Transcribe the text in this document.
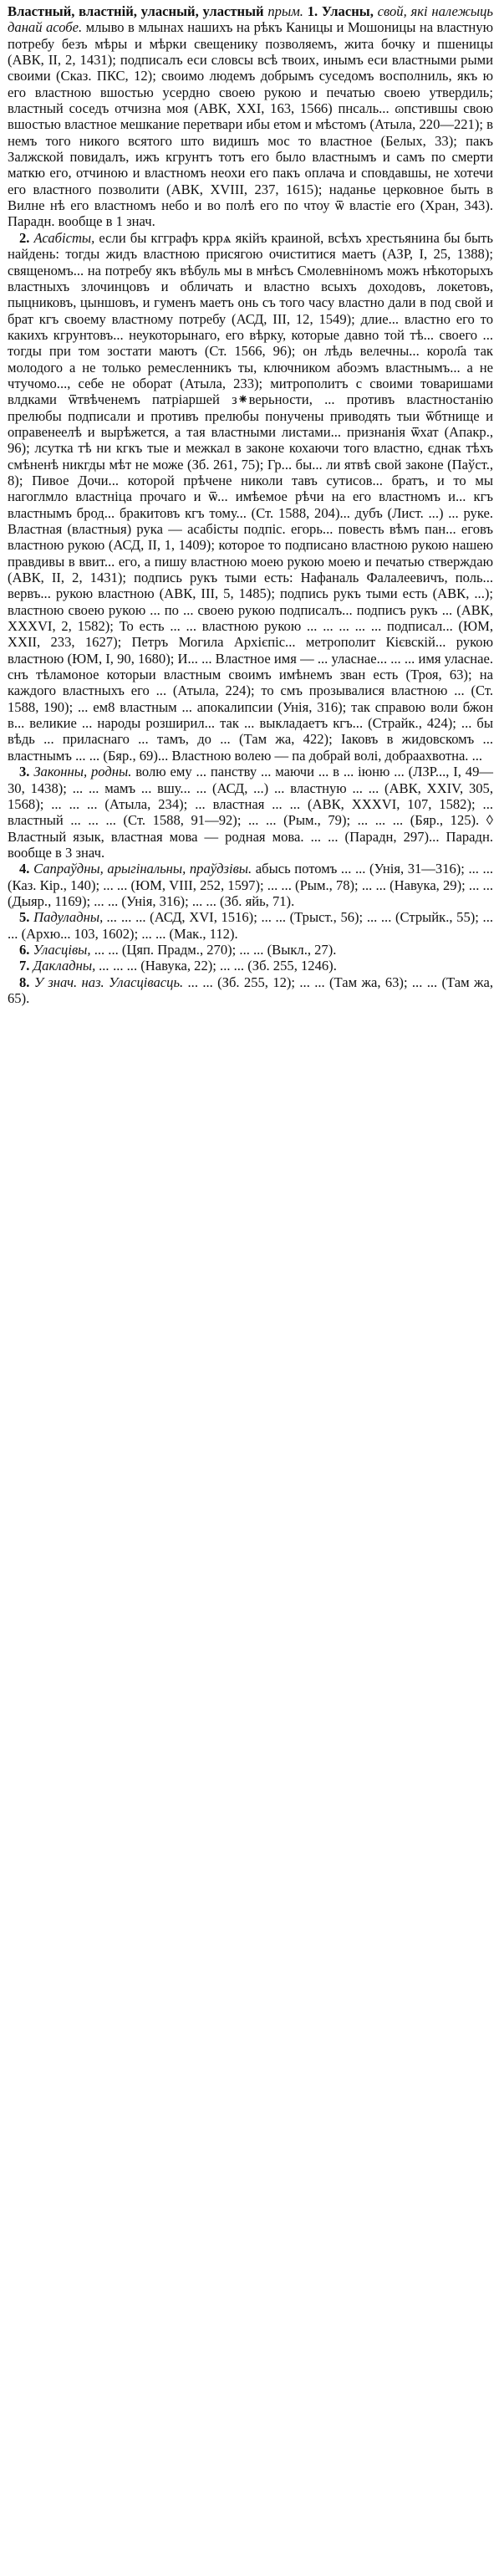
Властный, властній, уласный, уластный прым. 1. Уласны, свой, які належыць данай асобе. млыво в млынах нашихъ на рѣкъ Каницы и Мошоницы на властную потребу безъ мѣры и мѣрки свещенику позволяемъ, жита бочку и пшеницы (АВК, II, 2, 1431); подписалъ еси словсы всѣ твоих, инымъ еси властными рыми своими (Сказ. ПКС, 12); своимо людемъ добрымъ суседомъ восполниль, якъ ю его властною вшостью усердно своею рукою и печатью своею утвердиль; властный соседъ отчизна моя (АВК, XXI, 163, 1566) пнсаль... ɷпстившы свою вшостью властное мешкание перетвари ибы етом и мѣстомъ (Атыла, 220—221); в немъ того никого всятого што видишъ мос то властное (Белых, 33); пакъ Залжской повидалъ, ижъ кгрунтъ тотъ его было властнымъ и самъ по смерти маткю его, отчиною и властномъ неохи его пакъ оплача и сповдавшы, не хотечи его властного позволити (АВК, XVIII, 237, 1615); наданье церковное быть в Вилне нѣ его властномъ небо и во полѣ его по чтоу ѿ властіе его (Хран, 343). Парадн. вообще в 1 знач.

2. Асабісты, если бы кгграфъ кррѧ якійъ краиной, всѣхъ хрестьянина бы быть найдень: тогды жидъ властною присягою очиститися маетъ (АЗР, I, 25, 1388); священомъ... на потребу якъ вѣбуль мы в мнѣсъ Смолевніномъ можъ нѣкоторыхъ властныхъ злочинцовъ и обличать и властно всыхъ доходовъ, локетовъ, пыцниковъ, цыншовъ, и гуменъ маетъ онь съ того часу властно дали в под свой и брат кгъ своему властному потребу (АСД, III, 12, 1549); длие... властно его то какихъ кгрунтовъ... неукоторынаго, его вѣрку, которые давно той тѣ... своего ... тогды при том зостати маютъ (Ст. 1566, 96); он лѣдь велечны... корол҃а так молодого а не только ремесленникъ ты, ключником абоэмъ властнымъ... а не чтучомо..., себе не оборат (Атыла, 233); митрополитъ с своими товаришами влдками ѿтвѣченемъ патріаршей з⁕верьности, ... противъ властностанію прелюбы подписали и противъ прелюбы понучены приводять тыи ѿбтнище и оправенеелѣ и вырѣжется, а тая властными листами... признанія ѿхат (Апакр., 96); лсутка тѣ ни кгкъ тые и межкал в законе кохаючи того властно, єднак тѣхъ смѣненѣ никгды мѣт не може (Зб. 261, 75); Гр... бы... ли ятвѣ свой законе (Паўст., 8); Пивое Дочи... которой прѣчене николи тавъ сутисов... братъ, и то мы нагоглмло властніца прочаго и ѿ... имѣемое рѣчи на его властномъ и... кгъ властнымъ брод... бракитовъ кгъ тому... (Ст. 1588, 204)... дубъ (Лист. ...) ... руке. Властная (властныя) рука — асабісты подпіс. егорь... повесть вѣмъ пан... еговъ властною рукою (АСД, II, 1, 1409); которое то подписано властною рукою нашею правдивы в ввит... его, а пишу властною моею рукою моею и печатью стверждаю (АВК, II, 2, 1431); подпись рукъ тыми есть: Нафаналь Фалалеевичъ, поль... вервъ... рукою властною (АВК, III, 5, 1485); подпись рукъ тыми есть (АВК, ...); властною своею рукою ... по ... своею рукою подписалъ... подписъ рукъ ... (АВК, XXXVI, 2, 1582); То есть ... ... властною рукою ... ... ... ... ... подписал... (ЮМ, XXII, 233, 1627); Петръ Могила Архієпіс... метрополит Кієвскій... рукою властною (ЮМ, I, 90, 1680); И... ... Властное имя — ... уласнае... ... ... имя уласнае. снъ тѣламоное которыи властным своимъ имѣнемъ зван есть (Троя, 63); на каждого властныхъ его ... (Атыла, 224); то смъ прозывалися властною ... (Ст. 1588, 190); ... ем8 властным ... апокалипсии (Унія, 316); так справою воли бжон в... великие ... народы розширил... так ... выкладаетъ кгъ... (Страйк., 424); ... бы вѣдь ... приласнаго ... тамъ, до ... (Там жа, 422); Іаковъ в жидовскомъ ... властнымъ ... ... (Бяр., 69)... Властною волею — па добрай волі, добраахвотна. ...

3. Законны, родны. волю ему ... панству ... маючи ... в ... іюню ... (ЛЗР..., I, 49—30, 1438); ... ... мамъ ... вшу... ... (АСД, ...) ... властную ... ... (АВК, XXIV, 305, 1568); ... ... ... (Атыла, 234); ... властная ... ... (АВК, XXXVI, 107, 1582); ... властный ... ... ... (Ст. 1588, 91—92); ... ... (Рым., 79); ... ... ... (Бяр., 125). ◊ Властный язык, властная мова — родная мова. ... ... (Парадн, 297)... Парадн. вообще в 3 знач.

4. Сапраўдны, арыгінальны, праўдзівы. абысь потомъ ... ... (Унія, 31—316); ... ... (Каз. Кір., 140); ... ... (ЮМ, VIII, 252, 1597); ... ... (Рым., 78); ... ... (Навука, 29); ... ... (Дыяр., 1169); ... ... (Унія, 316); ... ... (Зб. яйь, 71).

5. Падуладны, ... ... ... (АСД, XVI, 1516); ... ... (Трыст., 56); ... ... (Стрыйк., 55); ... ... (Архю... 103, 1602); ... ... (Мак., 112).

6. Уласцівы, ... ... (Цяп. Прадм., 270); ... ... (Выкл., 27).

7. Дакладны, ... ... ... (Навука, 22); ... ... (Зб. 255, 1246).

8. У знач. наз. Уласцівасць. ... ... (Зб. 255, 12); ... ... (Там жа, 63); ... ... (Там жа, 65).
